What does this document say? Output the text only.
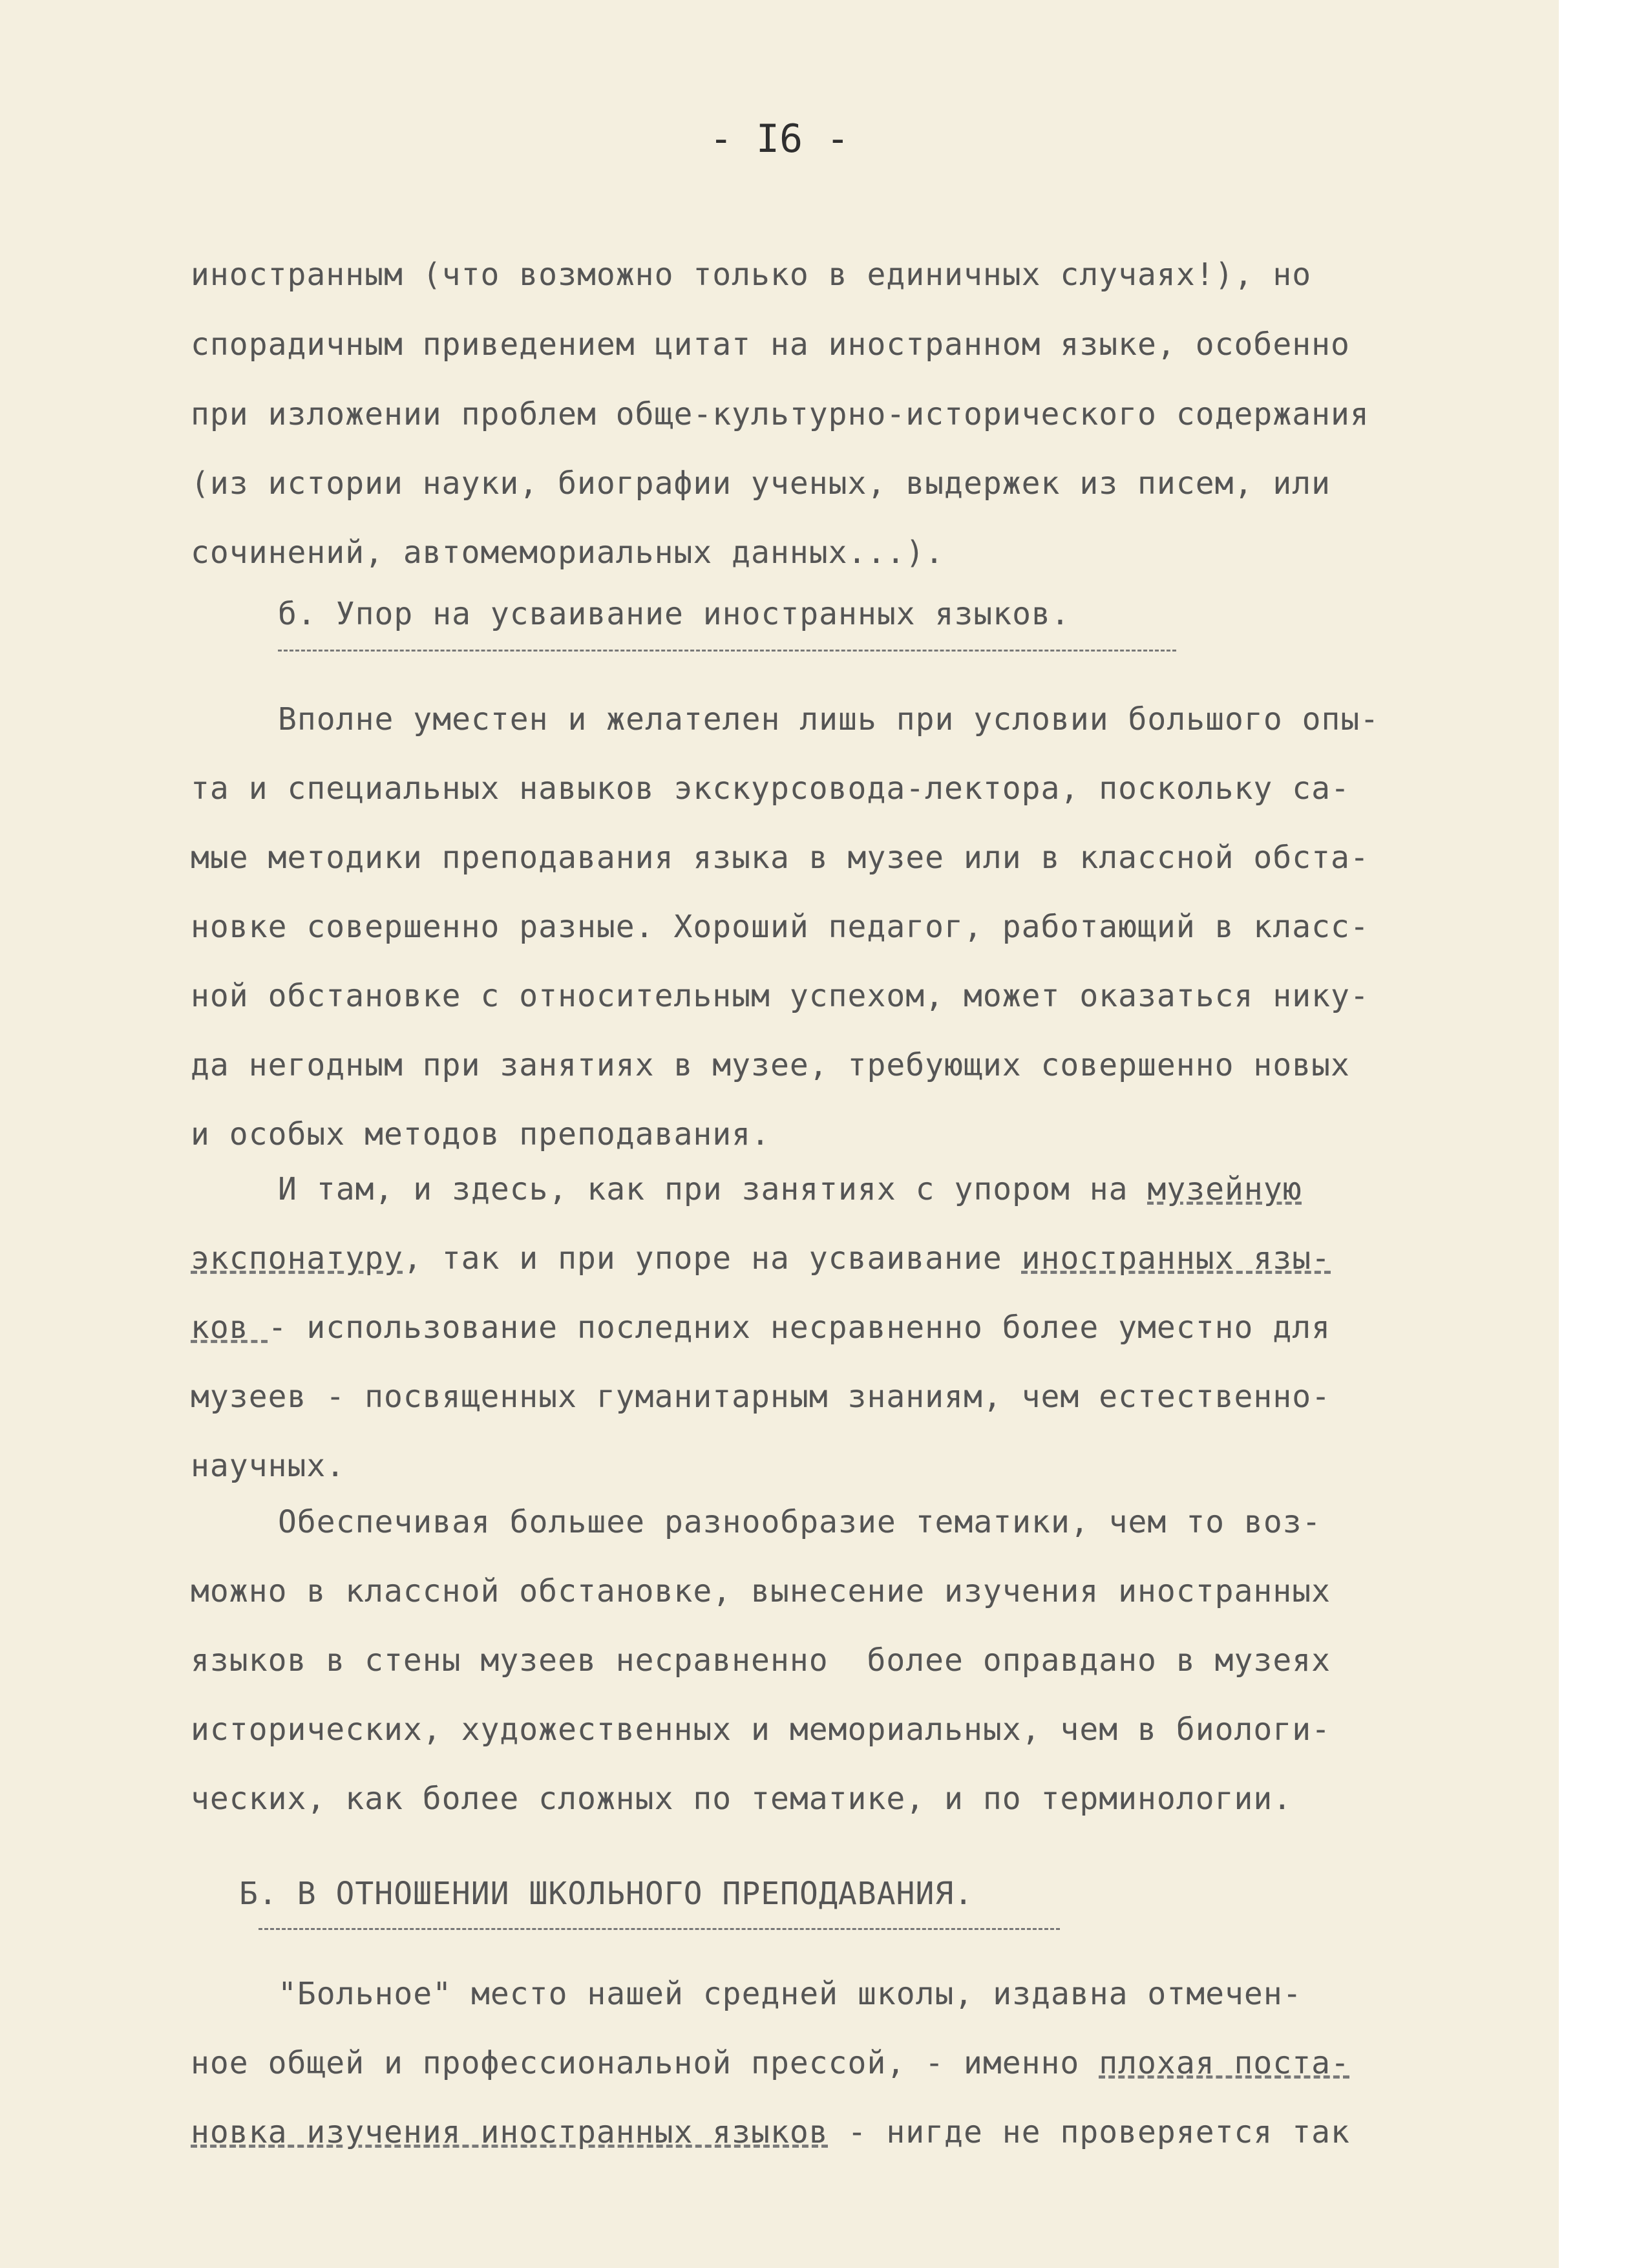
- I6 -
иностранным (что возможно только в единичных случаях!), но
спорадичным приведением цитат на иностранном языке, особенно
при изложении проблем обще-культурно-исторического содержания
(из истории науки, биографии ученых, выдержек из писем, или
сочинений, автомемориальных данных...).
б. Упор на усваивание иностранных языков.
Вполне уместен и желателен лишь при условии большого опы-
та и специальных навыков экскурсовода-лектора, поскольку са-
мые методики преподавания языка в музее или в классной обста-
новке совершенно разные. Хороший педагог, работающий в класс-
ной обстановке с относительным успехом, может оказаться нику-
да негодным при занятиях в музее, требующих совершенно новых
и особых методов преподавания.
И там, и здесь, как при занятиях с упором на музейную
экспонатуру, так и при упоре на усваивание иностранных язы-
ков - использование последних несравненно более уместно для
музеев - посвященных гуманитарным знаниям, чем естественно-
научных.
Обеспечивая большее разнообразие тематики, чем то воз-
можно в классной обстановке, вынесение изучения иностранных
языков в стены музеев несравненно  более оправдано в музеях
исторических, художественных и мемориальных, чем в биологи-
ческих, как более сложных по тематике, и по терминологии.
Б. В ОТНОШЕНИИ ШКОЛЬНОГО ПРЕПОДАВАНИЯ.
"Больное" место нашей средней школы, издавна отмечен-
ное общей и профессиональной прессой, - именно плохая поста-
новка изучения иностранных языков - нигде не проверяется так
